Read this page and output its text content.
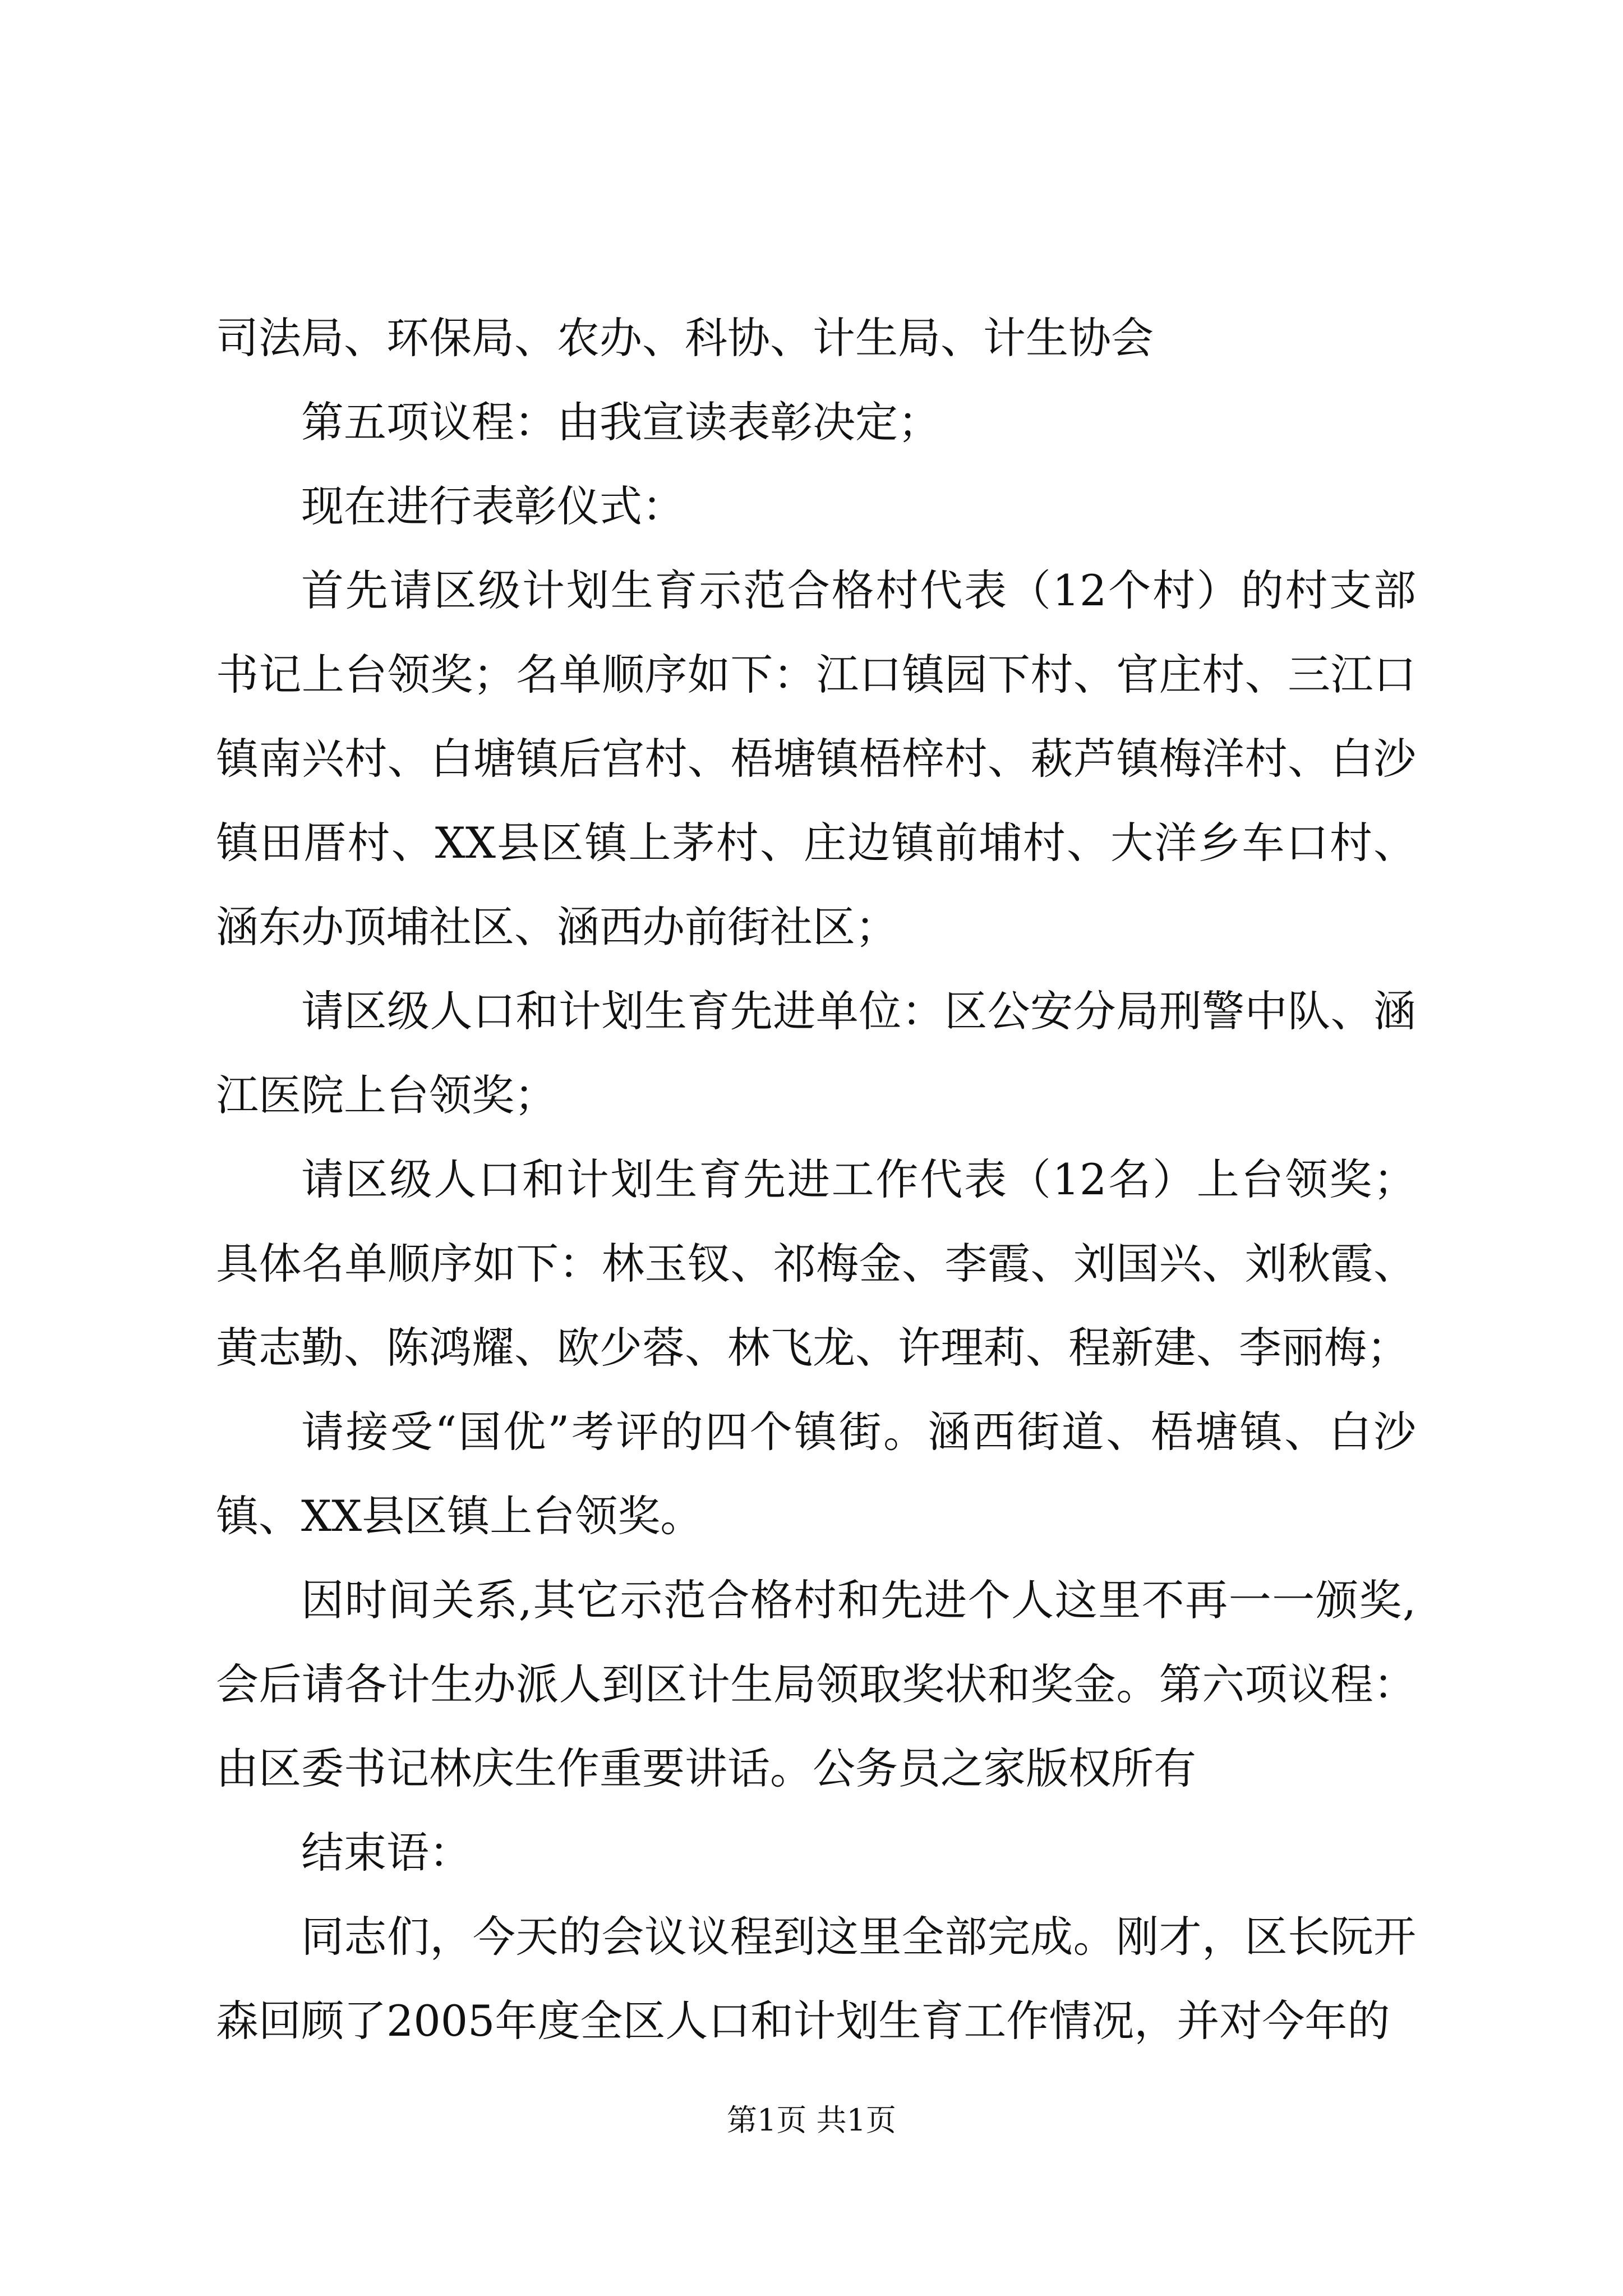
司法局、环保局、农办、科协、计生局、计生协会

第五项议程：由我宣读表彰决定；

现在进行表彰仪式：

首先请区级计划生育示范合格村代表（12个村）的村支部书记上台领奖；名单顺序如下：江口镇园下村、官庄村、三江口镇南兴村、白塘镇后宫村、梧塘镇梧梓村、萩芦镇梅洋村、白沙镇田厝村、XX县区镇上茅村、庄边镇前埔村、大洋乡车口村、涵东办顶埔社区、涵西办前街社区；

请区级人口和计划生育先进单位：区公安分局刑警中队、涵江医院上台领奖；

请区级人口和计划生育先进工作代表（12名）上台领奖；具体名单顺序如下：林玉钗、祁梅金、李霞、刘国兴、刘秋霞、黄志勤、陈鸿耀、欧少蓉、林飞龙、许理莉、程新建、李丽梅；

请接受“国优”考评的四个镇街。涵西街道、梧塘镇、白沙镇、XX县区镇上台领奖。

因时间关系,其它示范合格村和先进个人这里不再一一颁奖,会后请各计生办派人到区计生局领取奖状和奖金。第六项议程：由区委书记林庆生作重要讲话。公务员之家版权所有

结束语：

同志们，今天的会议议程到这里全部完成。刚才，区长阮开森回顾了2005年度全区人口和计划生育工作情况，并对今年的

第1页 共1页
